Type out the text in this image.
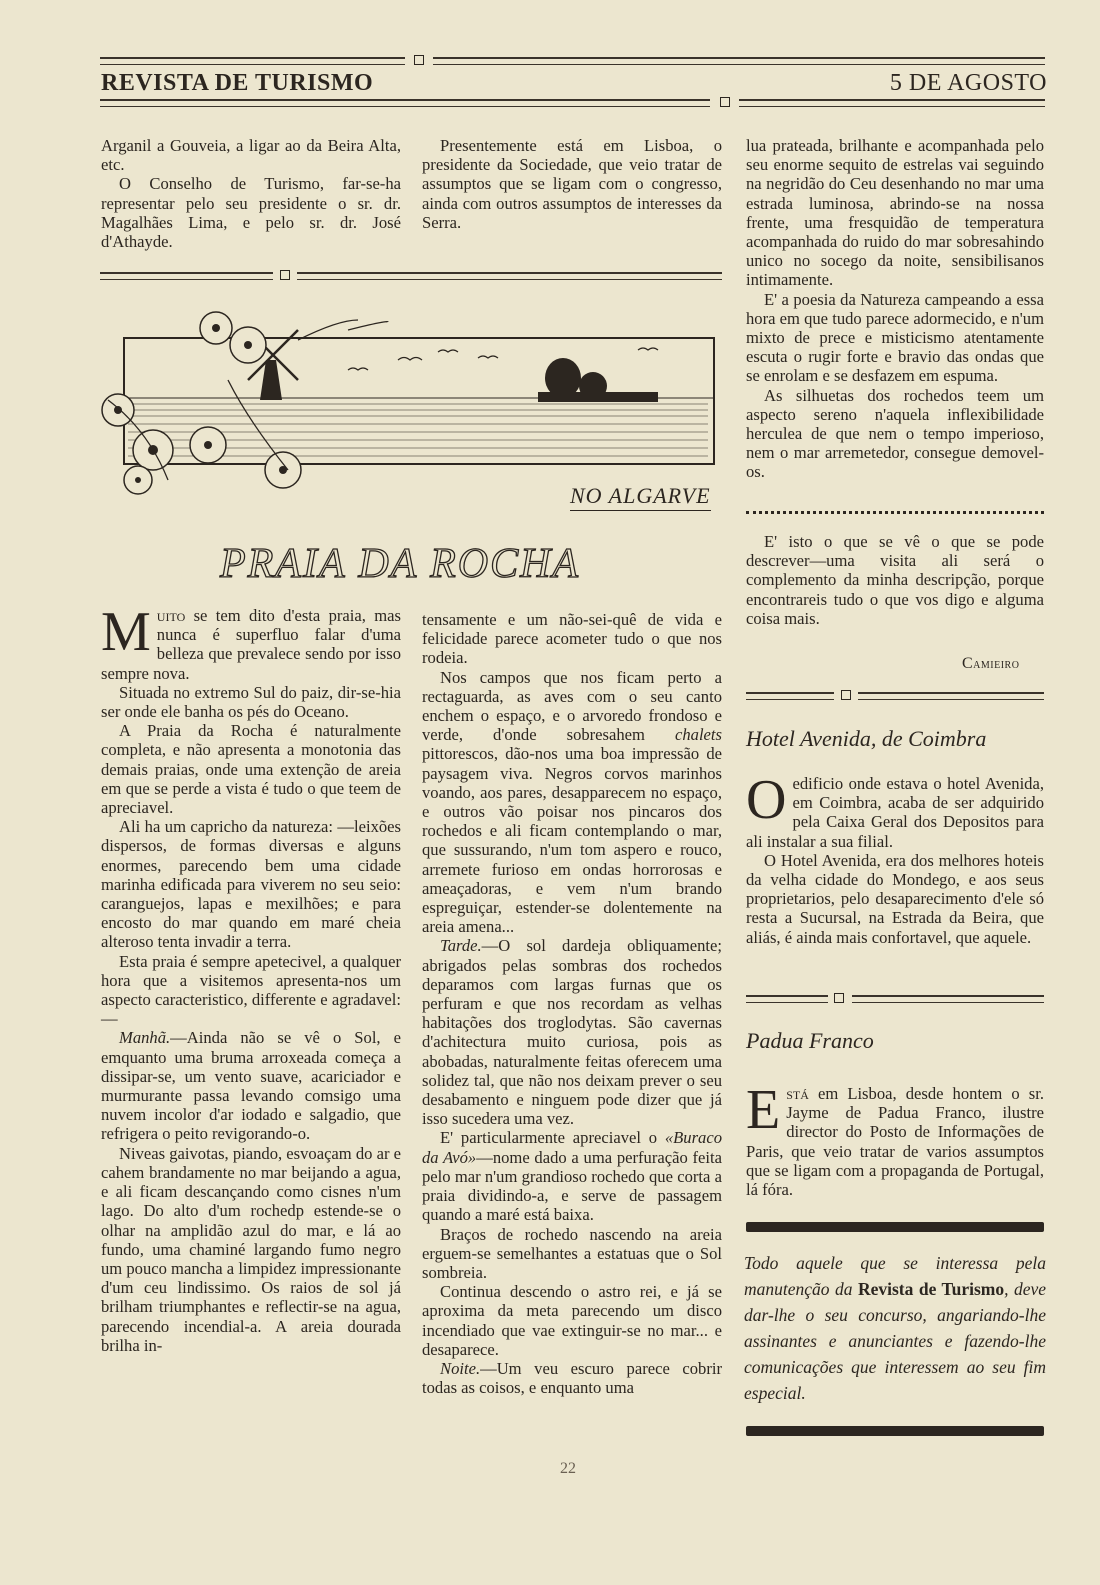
REVISTA DE TURISMO	5 DE AGOSTO

Arganil a Gouveia, a ligar ao da Beira Alta, etc.

O Conselho de Turismo, far-se-ha representar pelo seu presidente o sr. dr. Magalhães Lima, e pelo sr. dr. José d'Athayde.

Presentemente está em Lisboa, o presidente da Sociedade, que veio tratar de assumptos que se ligam com o congresso, ainda com outros assumptos de interesses da Serra.

NO ALGARVE
PRAIA DA ROCHA

Muito se tem dito d'esta praia, mas nunca é superfluo falar d'uma belleza que prevalece sendo por isso sempre nova.

Situada no extremo Sul do paiz, dir-se-hia ser onde ele banha os pés do Oceano.

A Praia da Rocha é naturalmente completa, e não apresenta a monotonia das demais praias, onde uma extenção de areia em que se perde a vista é tudo o que teem de apreciavel.

Ali ha um capricho da natureza: —leixões dispersos, de formas diversas e alguns enormes, parecendo bem uma cidade marinha edificada para viverem no seu seio: caranguejos, lapas e mexilhões; e para encosto do mar quando em maré cheia alteroso tenta invadir a terra.

Esta praia é sempre apetecivel, a qualquer hora que a visitemos apresenta-nos um aspecto caracteristico, differente e agradavel:—

Manhã.—Ainda não se vê o Sol, e emquanto uma bruma arroxeada começa a dissipar-se, um vento suave, acariciador e murmurante passa levando comsigo uma nuvem incolor d'ar iodado e salgadio, que refrigera o peito revigorando-o.

Niveas gaivotas, piando, esvoaçam do ar e cahem brandamente no mar beijando a agua, e ali ficam descançando como cisnes n'um lago. Do alto d'um rochedp estende-se o olhar na amplidão azul do mar, e lá ao fundo, uma chaminé largando fumo negro um pouco mancha a limpidez impressionante d'um ceu lindissimo. Os raios de sol já brilham triumphantes e reflectir-se na agua, parecendo incendial-a. A areia dourada brilha in-

tensamente e um não-sei-quê de vida e felicidade parece acometer tudo o que nos rodeia.

Nos campos que nos ficam perto a rectaguarda, as aves com o seu canto enchem o espaço, e o arvoredo frondoso e verde, d'onde sobresahem chalets pittorescos, dão-nos uma boa impressão de paysagem viva. Negros corvos marinhos voando, aos pares, desapparecem no espaço, e outros vão poisar nos pincaros dos rochedos e ali ficam contemplando o mar, que sussurando, n'um tom aspero e rouco, arremete furioso em ondas horrorosas e ameaçadoras, e vem n'um brando espreguiçar, estender-se dolentemente na areia amena...

Tarde.—O sol dardeja obliquamente; abrigados pelas sombras dos rochedos deparamos com largas furnas que os perfuram e que nos recordam as velhas habitações dos troglodytas. São cavernas d'achitectura muito curiosa, pois as abobadas, naturalmente feitas oferecem uma solidez tal, que não nos deixam prever o seu desabamento e ninguem pode dizer que já isso sucedera uma vez.

E' particularmente apreciavel o «Buraco da Avó»—nome dado a uma perfuração feita pelo mar n'um grandioso rochedo que corta a praia dividindo-a, e serve de passagem quando a maré está baixa.

Braços de rochedo nascendo na areia erguem-se semelhantes a estatuas que o Sol sombreia.

Continua descendo o astro rei, e já se aproxima da meta parecendo um disco incendiado que vae extinguir-se no mar... e desaparece.

Noite.—Um veu escuro parece cobrir todas as coisos, e enquanto uma

lua prateada, brilhante e acompanhada pelo seu enorme sequito de estrelas vai seguindo na negridão do Ceu desenhando no mar uma estrada luminosa, abrindo-se na nossa frente, uma fresquidão de temperatura acompanhada do ruido do mar sobresahindo unico no socego da noite, sensibilisanos intimamente.

E' a poesia da Natureza campeando a essa hora em que tudo parece adormecido, e n'um mixto de prece e misticismo atentamente escuta o rugir forte e bravio das ondas que se enrolam e se desfazem em espuma.

As silhuetas dos rochedos teem um aspecto sereno n'aquela inflexibilidade herculea de que nem o tempo imperioso, nem o mar arremetedor, consegue demovel-os.

E' isto o que se vê o que se pode descrever—uma visita ali será o complemento da minha descripção, porque encontrareis tudo o que vos digo e alguma coisa mais.

Camieiro
Hotel Avenida, de Coimbra

O edificio onde estava o hotel Avenida, em Coimbra, acaba de ser adquirido pela Caixa Geral dos Depositos para ali instalar a sua filial.

O Hotel Avenida, era dos melhores hoteis da velha cidade do Mondego, e aos seus proprietarios, pelo desaparecimento d'ele só resta a Sucursal, na Estrada da Beira, que aliás, é ainda mais confortavel, que aquele.

Padua Franco

Está em Lisboa, desde hontem o sr. Jayme de Padua Franco, ilustre director do Posto de Informações de Paris, que veio tratar de varios assumptos que se ligam com a propaganda de Portugal, lá fóra.

Todo aquele que se interessa pela manutenção da Revista de Turismo, deve dar-lhe o seu concurso, angariando-lhe assinantes e anunciantes e fazendo-lhe comunicações que interessem ao seu fim especial.
22
